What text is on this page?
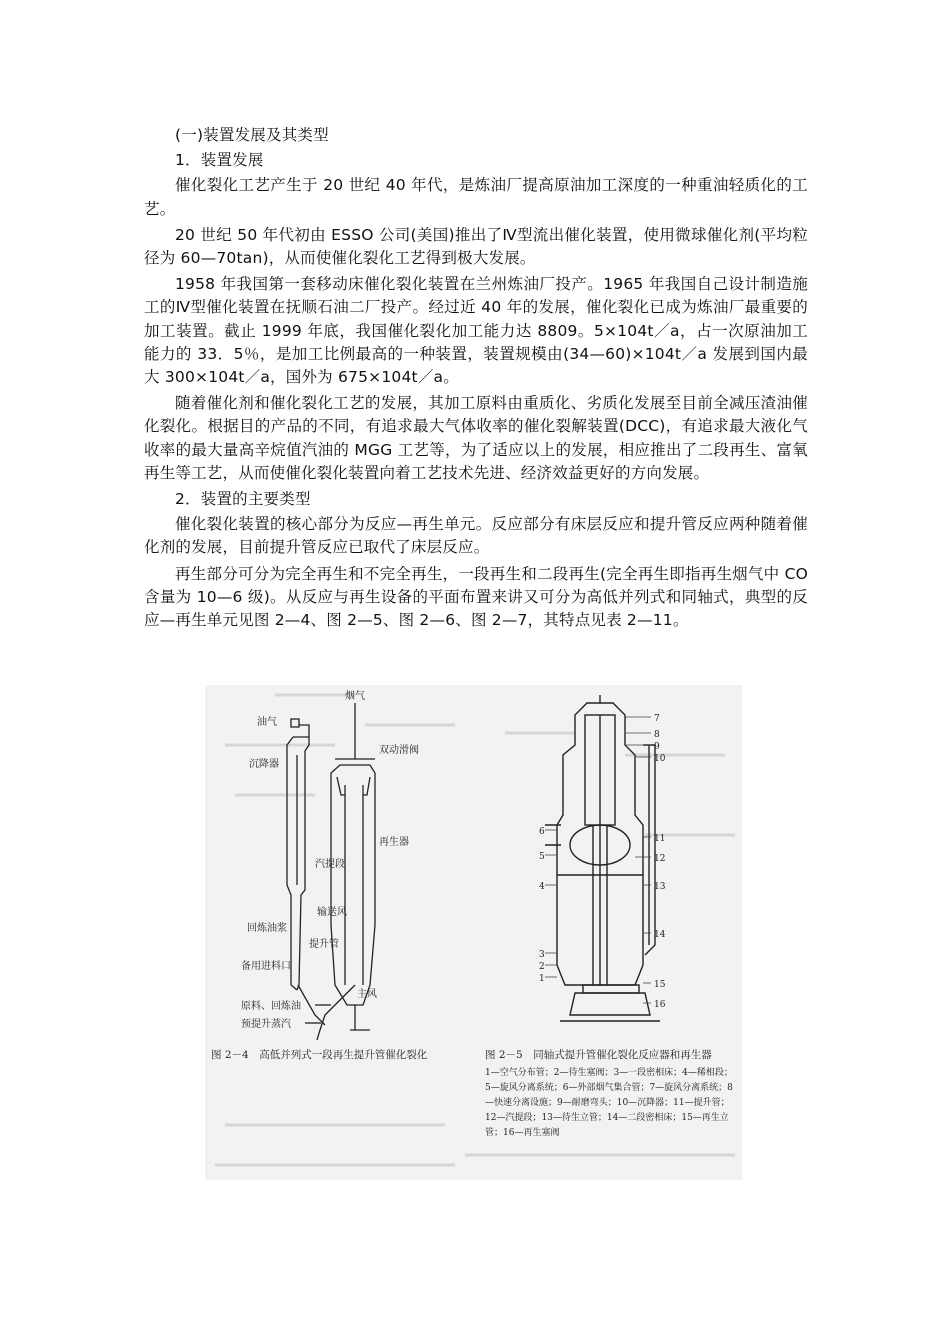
(一)装置发展及其类型

1．装置发展

催化裂化工艺产生于 20 世纪 40 年代，是炼油厂提高原油加工深度的一种重油轻质化的工艺。

20 世纪 50 年代初由 ESSO 公司(美国)推出了Ⅳ型流出催化装置，使用微球催化剂(平均粒径为 60—70tan)，从而使催化裂化工艺得到极大发展。

1958 年我国第一套移动床催化裂化装置在兰州炼油厂投产。1965 年我国自己设计制造施工的Ⅳ型催化装置在抚顺石油二厂投产。经过近 40 年的发展，催化裂化已成为炼油厂最重要的加工装置。截止 1999 年底，我国催化裂化加工能力达 8809。5×104t／a，占一次原油加工能力的 33．5％，是加工比例最高的一种装置，装置规模由(34—60)×104t／a 发展到国内最大 300×104t／a，国外为 675×104t／a。

随着催化剂和催化裂化工艺的发展，其加工原料由重质化、劣质化发展至目前全减压渣油催化裂化。根据目的产品的不同，有追求最大气体收率的催化裂解装置(DCC)，有追求最大液化气收率的最大量高辛烷值汽油的 MGG 工艺等，为了适应以上的发展，相应推出了二段再生、富氧再生等工艺，从而使催化裂化装置向着工艺技术先进、经济效益更好的方向发展。

2．装置的主要类型

催化裂化装置的核心部分为反应—再生单元。反应部分有床层反应和提升管反应两种随着催化剂的发展，目前提升管反应已取代了床层反应。

再生部分可分为完全再生和不完全再生，一段再生和二段再生(完全再生即指再生烟气中 CO 含量为 10—6 级)。从反应与再生设备的平面布置来讲又可分为高低并列式和同轴式，典型的反应—再生单元见图 2—4、图 2—5、图 2—6、图 2—7，其特点见表 2—11。

油气
沉降器
烟气
双动滑阀
再生器
汽提段
输送风
回炼油浆
提升管
备用进料口
原料、回炼油
主风
预提升蒸汽
1
2
3
4
5
6
7
8
9
10
11
12
13
14
15
16
图 2－4　高低并列式一段再生提升管催化裂化	图 2－5　同轴式提升管催化裂化反应器和再生器
1—空气分布管；2—待生塞阀；3—一段密相床；4—稀相段；5—旋风分离系统；6—外部烟气集合管；7—旋风分离系统；8—快速分离设施；9—耐磨弯头；10—沉降器；11—提升管；12—汽提段；13—待生立管；14—二段密相床；15—再生立管；16—再生塞阀
